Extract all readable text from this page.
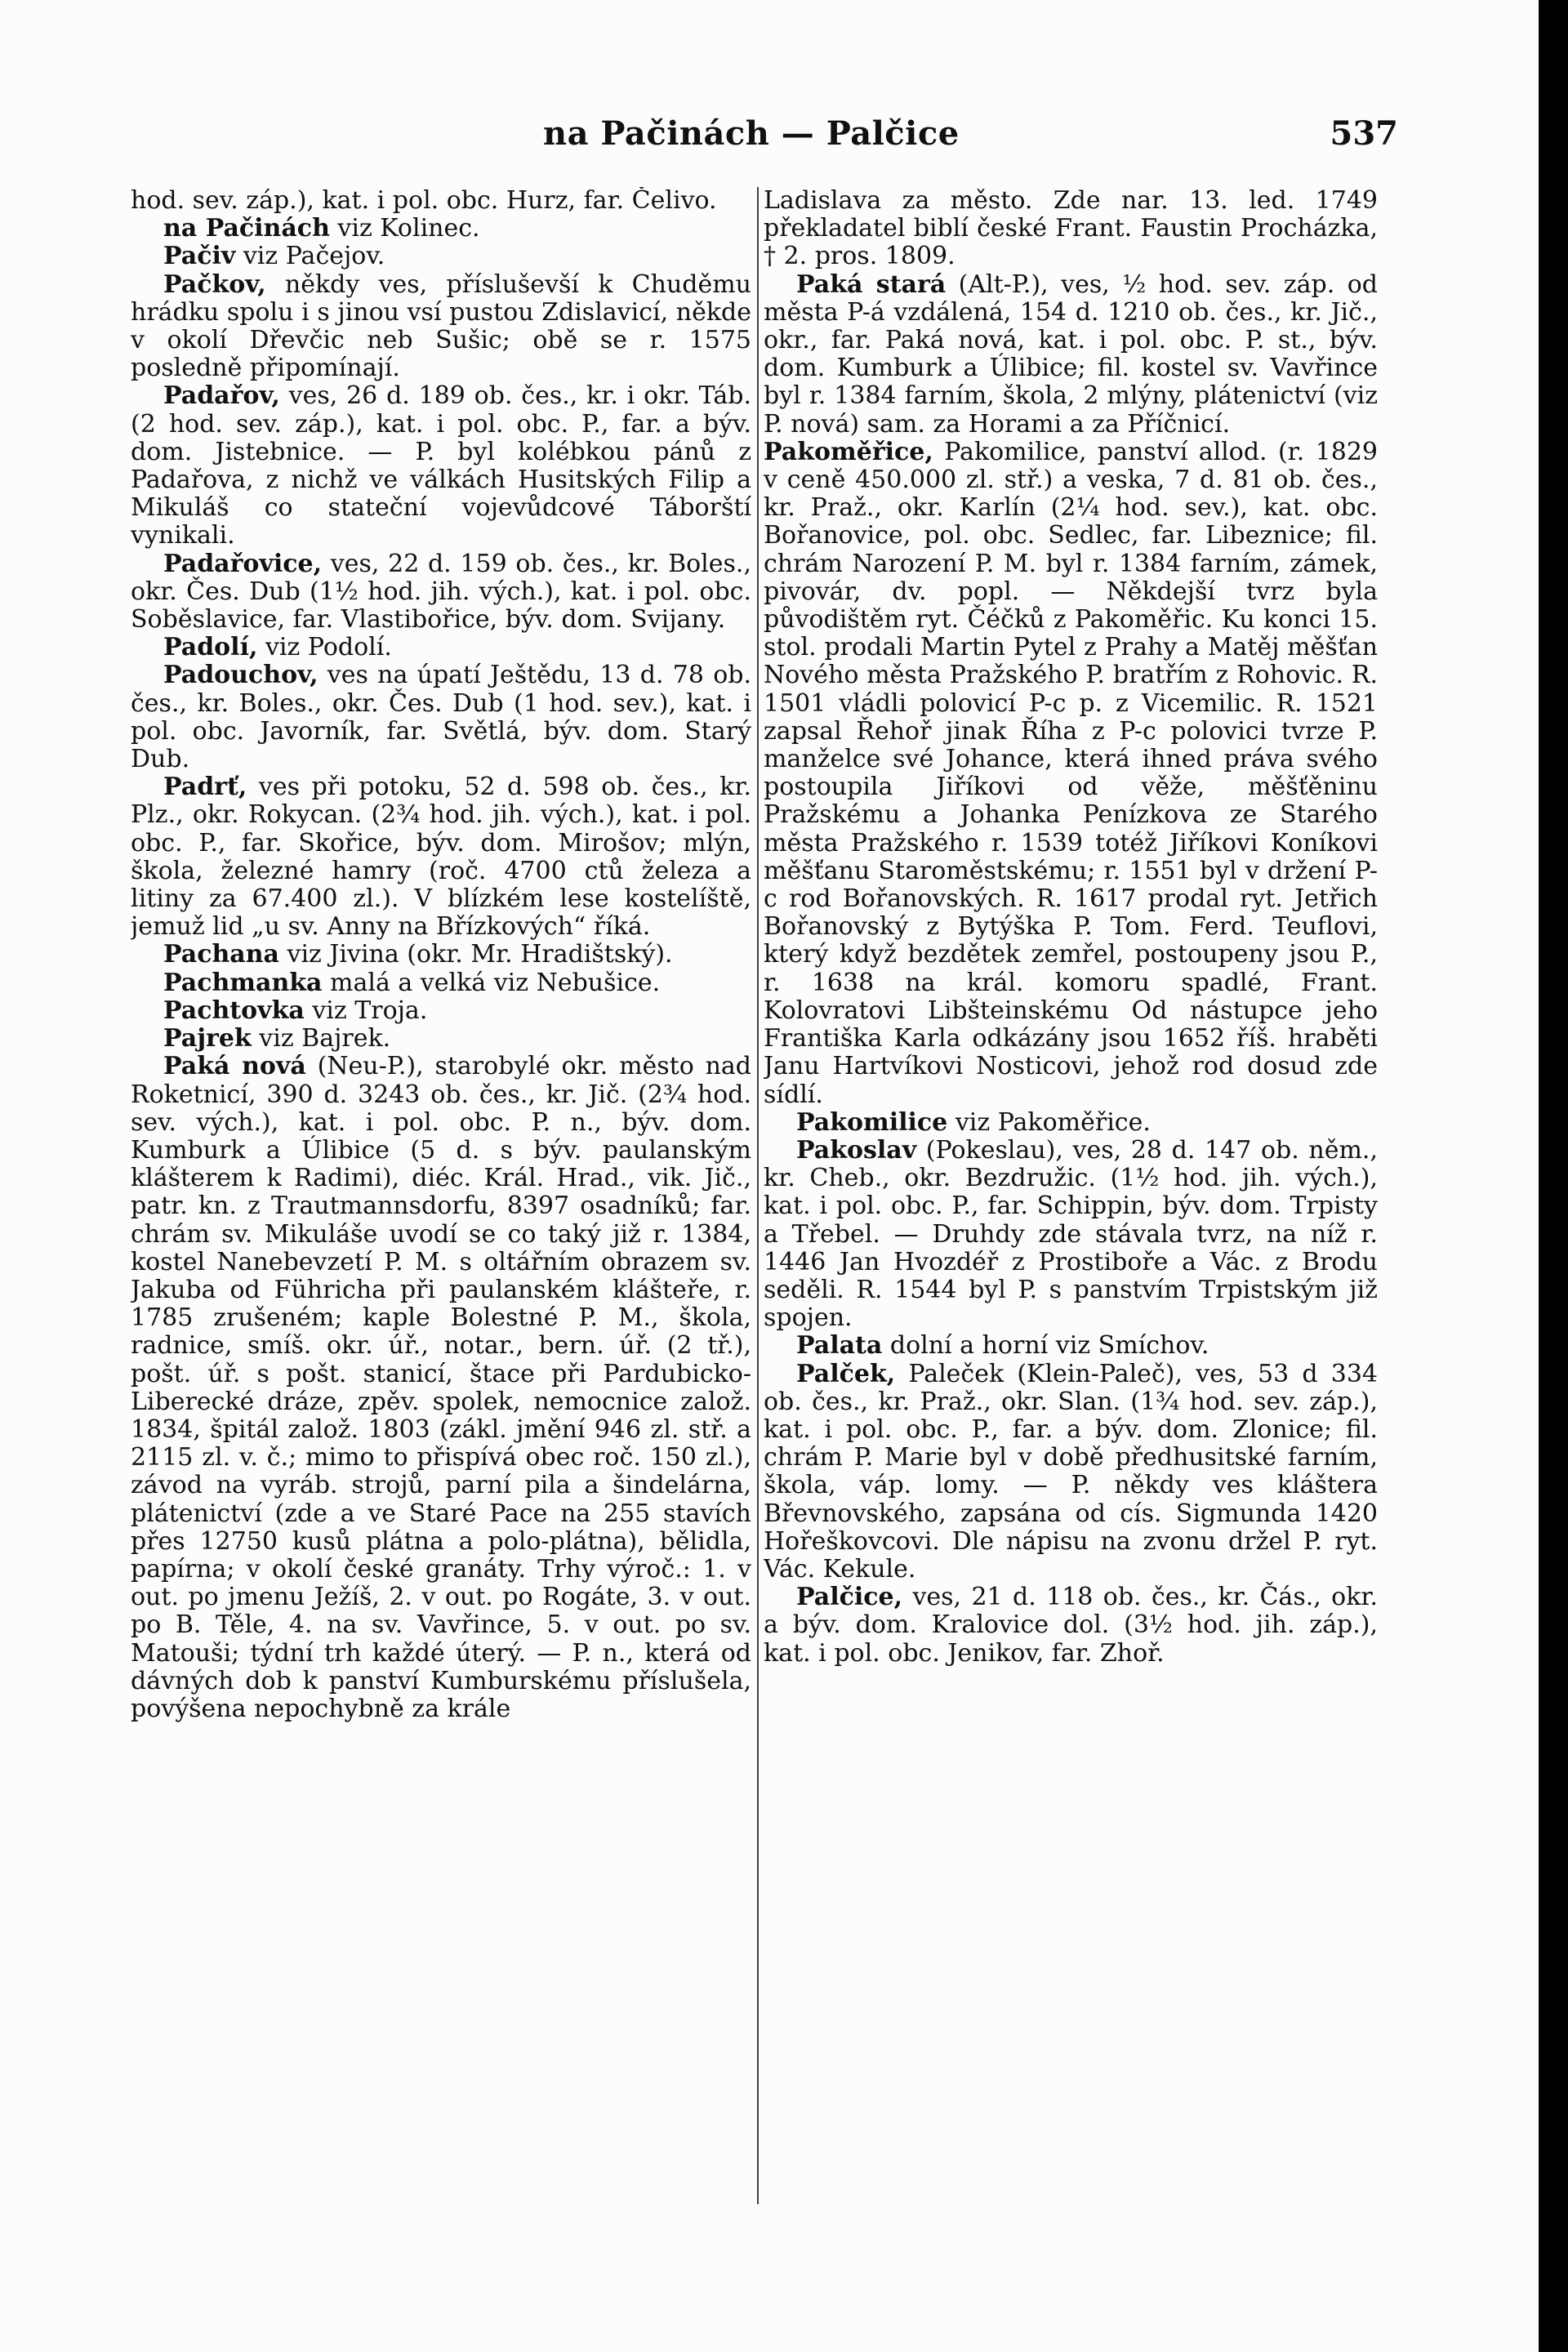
na Pačinách — Palčice	537

hod. sev. záp.), kat. i pol. obc. Hurz, far. Čelivo.

na Pačinách viz Kolinec.

Pačiv viz Pačejov.

Pačkov, někdy ves, přísluševší k Chuděmu hrádku spolu i s jinou vsí pustou Zdislavicí, někde v okolí Dřevčic neb Sušic; obě se r. 1575 posledně připomínají.

Padařov, ves, 26 d. 189 ob. čes., kr. i okr. Táb. (2 hod. sev. záp.), kat. i pol. obc. P., far. a býv. dom. Jistebnice. — P. byl kolébkou pánů z Padařova, z nichž ve válkách Husitských Filip a Mikuláš co stateční vojevůdcové Táborští vynikali.

Padařovice, ves, 22 d. 159 ob. čes., kr. Boles., okr. Čes. Dub (1½ hod. jih. vých.), kat. i pol. obc. Soběslavice, far. Vlastibořice, býv. dom. Svijany.

Padolí, viz Podolí.

Padouchov, ves na úpatí Ještědu, 13 d. 78 ob. čes., kr. Boles., okr. Čes. Dub (1 hod. sev.), kat. i pol. obc. Javorník, far. Světlá, býv. dom. Starý Dub.

Padrť, ves při potoku, 52 d. 598 ob. čes., kr. Plz., okr. Rokycan. (2¾ hod. jih. vých.), kat. i pol. obc. P., far. Skořice, býv. dom. Mirošov; mlýn, škola, železné hamry (roč. 4700 ctů železa a litiny za 67.400 zl.). V blízkém lese kostelíště, jemuž lid „u sv. Anny na Břízkových“ říká.

Pachana viz Jivina (okr. Mr. Hradištský).

Pachmanka malá a velká viz Nebušice.

Pachtovka viz Troja.

Pajrek viz Bajrek.

Paká nová (Neu-P.), starobylé okr. město nad Roketnicí, 390 d. 3243 ob. čes., kr. Jič. (2¾ hod. sev. vých.), kat. i pol. obc. P. n., býv. dom. Kumburk a Úlibice (5 d. s býv. paulanským klášterem k Radimi), diéc. Král. Hrad., vik. Jič., patr. kn. z Trautmannsdorfu, 8397 osadníků; far. chrám sv. Mikuláše uvodí se co taký již r. 1384, kostel Nanebevzetí P. M. s oltářním obrazem sv. Jakuba od Führicha při paulanském klášteře, r. 1785 zrušeném; kaple Bolestné P. M., škola, radnice, smíš. okr. úř., notar., bern. úř. (2 tř.), pošt. úř. s pošt. stanicí, štace při Pardubicko-Liberecké dráze, zpěv. spolek, nemocnice založ. 1834, špitál založ. 1803 (zákl. jmění 946 zl. stř. a 2115 zl. v. č.; mimo to přispívá obec roč. 150 zl.), závod na vyráb. strojů, parní pila a šindelárna, plátenictví (zde a ve Staré Pace na 255 stavích přes 12750 kusů plátna a polo-plátna), bělidla, papírna; v okolí české granáty. Trhy výroč.: 1. v out. po jmenu Ježíš, 2. v out. po Rogáte, 3. v out. po B. Těle, 4. na sv. Vavřince, 5. v out. po sv. Matouši; týdní trh každé úterý. — P. n., která od dávných dob k panství Kumburskému příslušela, povýšena nepochybně za krále

Ladislava za město. Zde nar. 13. led. 1749 překladatel biblí české Frant. Faustin Procházka, † 2. pros. 1809.

Paká stará (Alt-P.), ves, ½ hod. sev. záp. od města P-á vzdálená, 154 d. 1210 ob. čes., kr. Jič., okr., far. Paká nová, kat. i pol. obc. P. st., býv. dom. Kumburk a Úlibice; fil. kostel sv. Vavřince byl r. 1384 farním, škola, 2 mlýny, plátenictví (viz P. nová) sam. za Horami a za Příčnicí.

Pakoměřice, Pakomilice, panství allod. (r. 1829 v ceně 450.000 zl. stř.) a veska, 7 d. 81 ob. čes., kr. Praž., okr. Karlín (2¼ hod. sev.), kat. obc. Bořanovice, pol. obc. Sedlec, far. Libeznice; fil. chrám Narození P. M. byl r. 1384 farním, zámek, pivovár, dv. popl. — Někdejší tvrz byla původištěm ryt. Čéčků z Pakoměřic. Ku konci 15. stol. prodali Martin Pytel z Prahy a Matěj měšťan Nového města Pražského P. bratřím z Rohovic. R. 1501 vládli polovicí P-c p. z Vicemilic. R. 1521 zapsal Řehoř jinak Říha z P-c polovici tvrze P. manželce své Johance, která ihned práva svého postoupila Jiříkovi od věže, měšťěninu Pražskému a Johanka Penízkova ze Starého města Pražského r. 1539 totéž Jiříkovi Koníkovi měšťanu Staroměstskému; r. 1551 byl v držení P-c rod Bořanovských. R. 1617 prodal ryt. Jetřich Bořanovský z Bytýška P. Tom. Ferd. Teuflovi, který když bezdětek zemřel, postoupeny jsou P., r. 1638 na král. komoru spadlé, Frant. Kolovratovi Libšteinskému Od nástupce jeho Františka Karla odkázány jsou 1652 říš. hraběti Janu Hartvíkovi Nosticovi, jehož rod dosud zde sídlí.

Pakomilice viz Pakoměřice.

Pakoslav (Pokeslau), ves, 28 d. 147 ob. něm., kr. Cheb., okr. Bezdružic. (1½ hod. jih. vých.), kat. i pol. obc. P., far. Schippin, býv. dom. Trpisty a Třebel. — Druhdy zde stávala tvrz, na níž r. 1446 Jan Hvozdéř z Prostiboře a Vác. z Brodu seděli. R. 1544 byl P. s panstvím Trpistským již spojen.

Palata dolní a horní viz Smíchov.

Palček, Paleček (Klein-Palеč), ves, 53 d 334 ob. čes., kr. Praž., okr. Slan. (1¾ hod. sev. záp.), kat. i pol. obc. P., far. a býv. dom. Zlonice; fil. chrám P. Marie byl v době předhusitské farním, škola, váp. lomy. — P. někdy ves kláštera Břevnovského, zapsána od cís. Sigmunda 1420 Hořeškovcovi. Dle nápisu na zvonu držel P. ryt. Vác. Kekule.

Palčice, ves, 21 d. 118 ob. čes., kr. Čás., okr. a býv. dom. Kralovice dol. (3½ hod. jih. záp.), kat. i pol. obc. Jenikov, far. Zhoř.
